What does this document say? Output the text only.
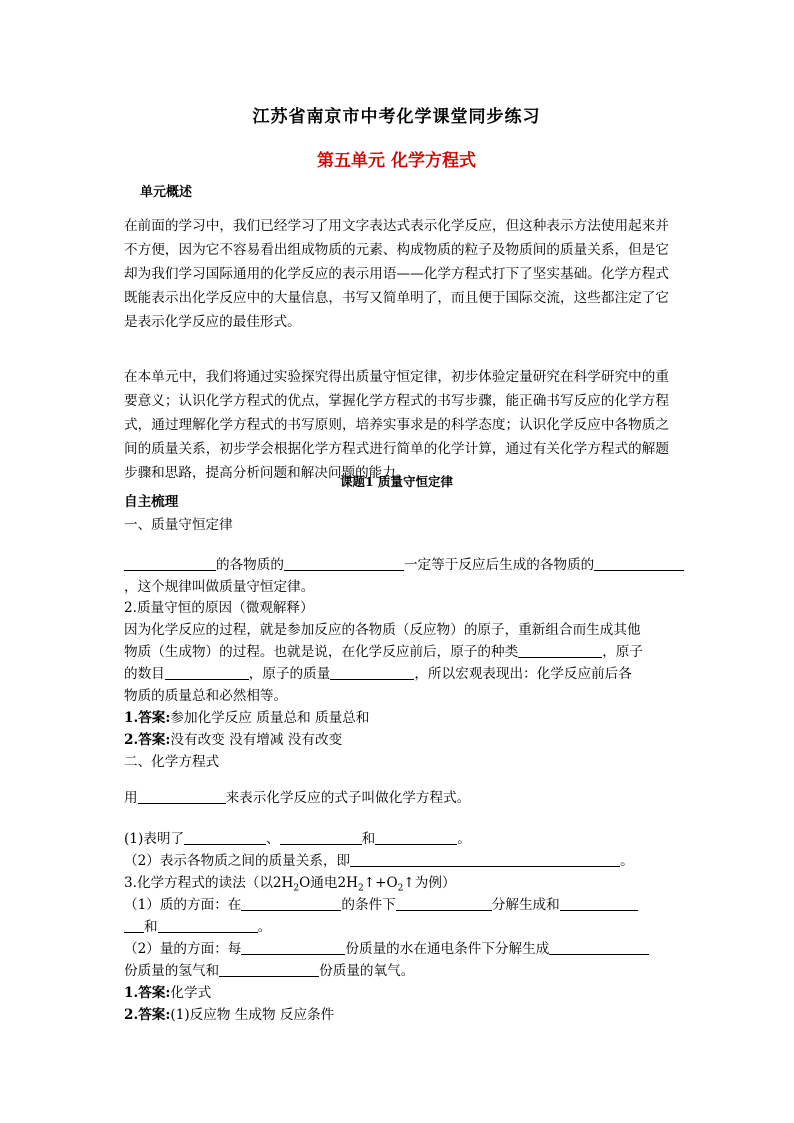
江苏省南京市中考化学课堂同步练习
第五单元 化学方程式
单元概述
在前面的学习中，我们已经学习了用文字表达式表示化学反应，但这种表示方法使用起来并不方便，因为它不容易看出组成物质的元素、构成物质的粒子及物质间的质量关系，但是它却为我们学习国际通用的化学反应的表示用语——化学方程式打下了坚实基础。化学方程式既能表示出化学反应中的大量信息，书写又简单明了，而且便于国际交流，这些都注定了它是表示化学反应的最佳形式。
在本单元中，我们将通过实验探究得出质量守恒定律，初步体验定量研究在科学研究中的重要意义；认识化学方程式的优点，掌握化学方程式的书写步骤，能正确书写反应的化学方程式，通过理解化学方程式的书写原则，培养实事求是的科学态度；认识化学反应中各物质之间的质量关系，初步学会根据化学方程式进行简单的化学计算，通过有关化学方程式的解题步骤和思路，提高分析问题和解决问题的能力。
课题1 质量守恒定律
自主梳理
一、质量守恒定律
的各物质的	一定等于反应后生成的各物质的
，这个规律叫做质量守恒定律。
2.质量守恒的原因（微观解释）
因为化学反应的过程，就是参加反应的各物质（反应物）的原子，重新组合而生成其他
物质（生成物）的过程。也就是说，在化学反应前后，原子的种类	，原子
的数目	，原子的质量	，所以宏观表现出：化学反应前后各
物质的质量总和必然相等。
1.答案:参加化学反应 质量总和 质量总和
2.答案:没有改变 没有增减 没有改变
二、化学方程式
用	来表示化学反应的式子叫做化学方程式。
(1)表明了	、	和	。
（2）表示各物质之间的质量关系，即	。
3.化学方程式的读法（以$2H_2O$通电$2H_2↑+O_2↑$为例）
（1）质的方面：在	的条件下	分解生成和
和	。
（2）量的方面：每	份质量的水在通电条件下分解生成
份质量的氢气和	份质量的氧气。
1.答案:化学式
2.答案:(1)反应物 生成物 反应条件
